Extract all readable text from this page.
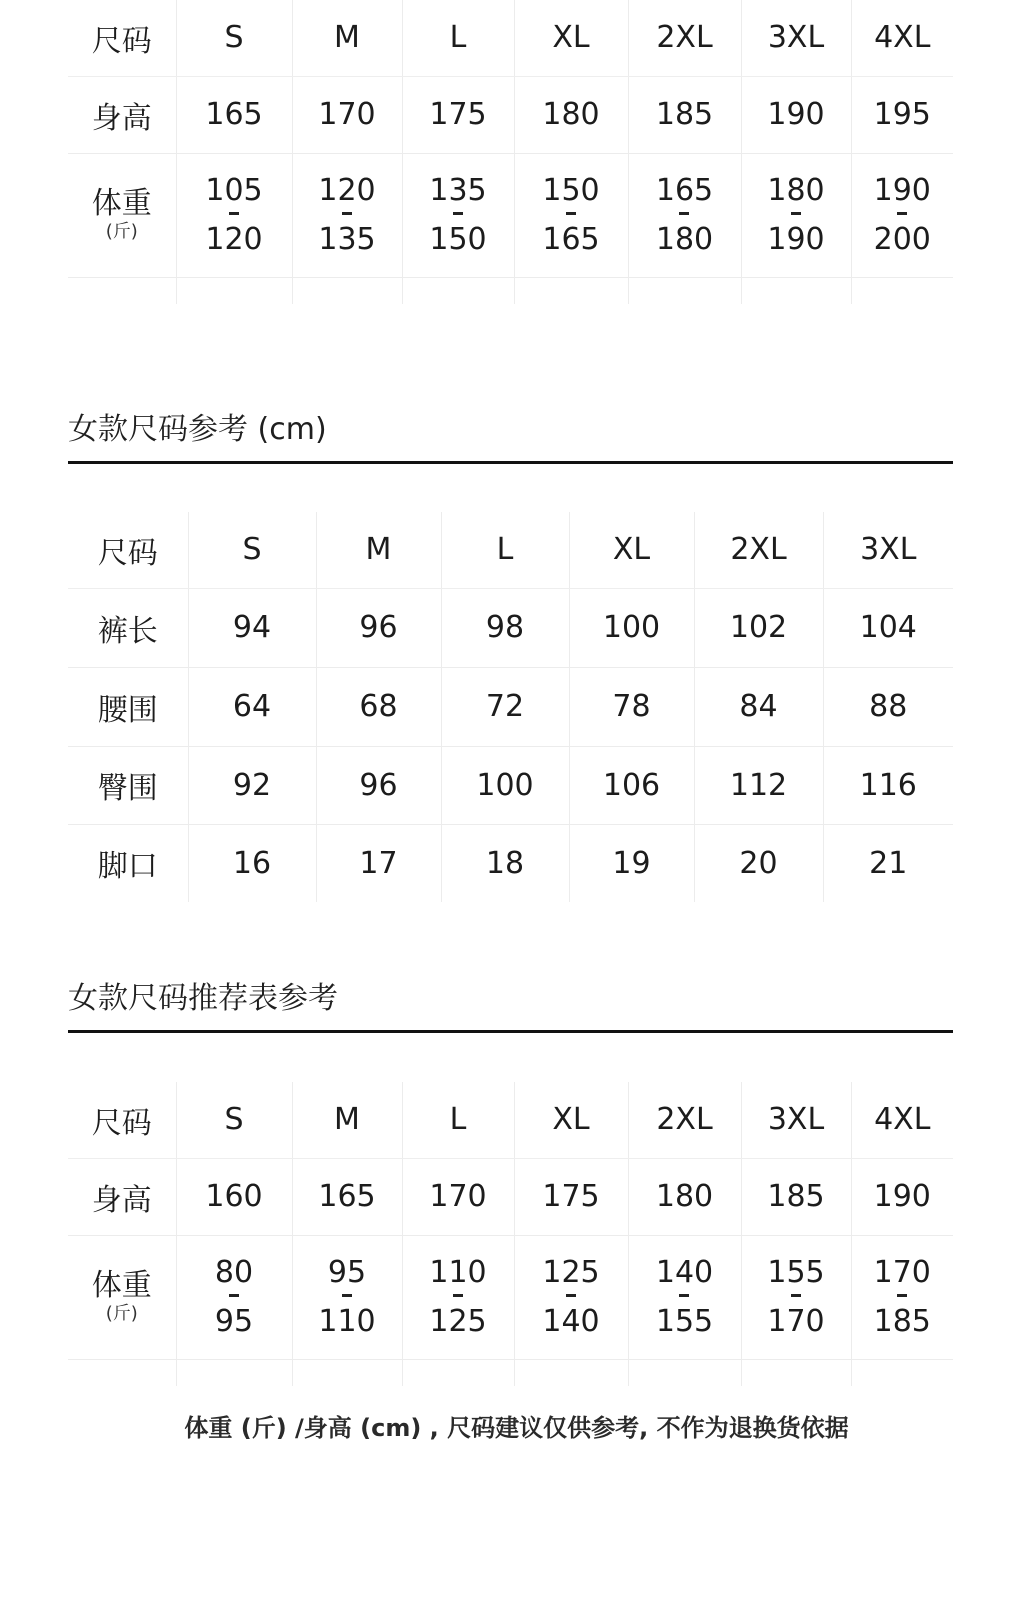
尺码	S	M	L	XL	2XL	3XL	4XL
身高	165	170	175	180	185	190	195

体重
(斤)	$\frac{105}{120}$	$\frac{120}{135}$	$\frac{135}{150}$	$\frac{150}{165}$	$\frac{165}{180}$	$\frac{180}{190}$	$\frac{190}{200}$

女款尺码参考 (cm)
尺码	S	M	L	XL	2XL	3XL
裤长	94	96	98	100	102	104
腰围	64	68	72	78	84	88
臀围	92	96	100	106	112	116
脚口	16	17	18	19	20	21
女款尺码推荐表参考
尺码	S	M	L	XL	2XL	3XL	4XL
身高	160	165	170	175	180	185	190

体重
(斤)	$\frac{80}{95}$	$\frac{95}{110}$	$\frac{110}{125}$	$\frac{125}{140}$	$\frac{140}{155}$	$\frac{155}{170}$	$\frac{170}{185}$

体重 (斤) /身高 (cm) , 尺码建议仅供参考, 不作为退换货依据
